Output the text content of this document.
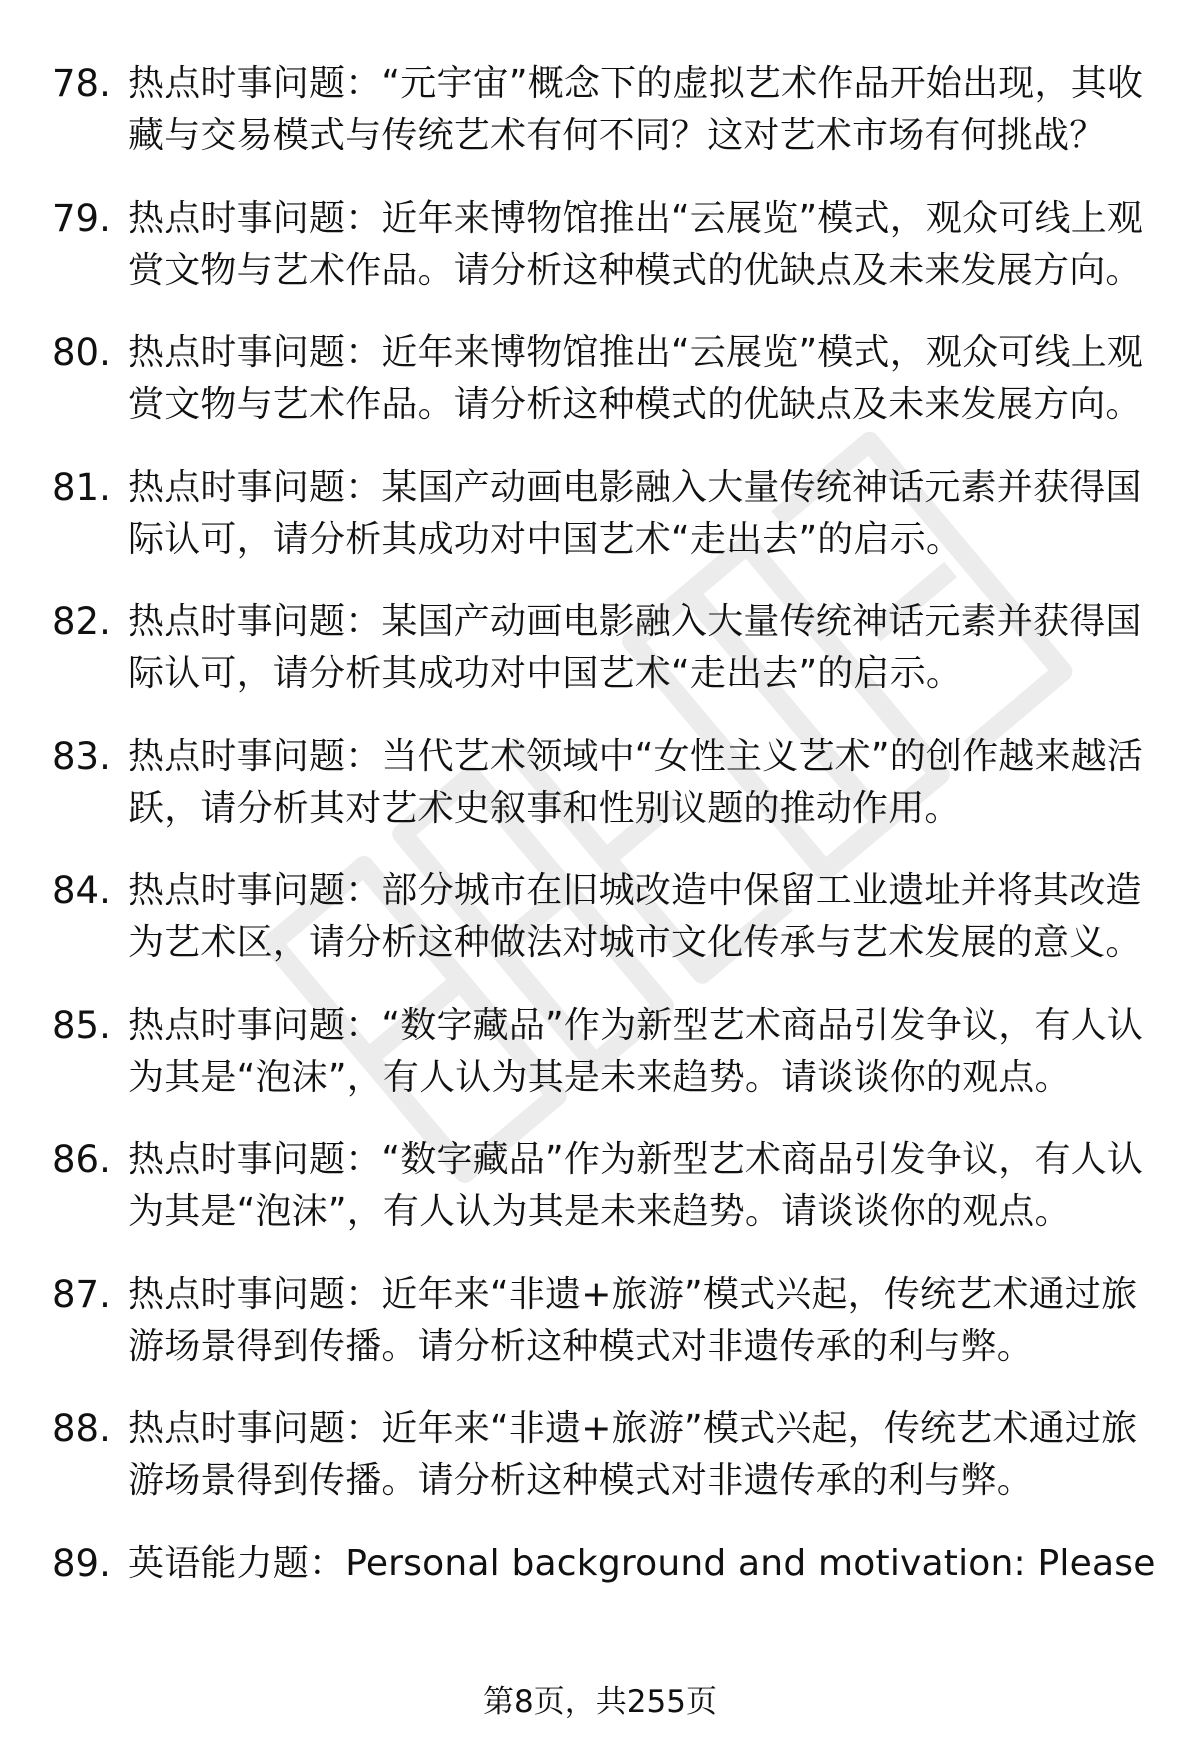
78. 热点时事问题：“元宇宙”概念下的虚拟艺术作品开始出现，其收藏与交易模式与传统艺术有何不同？这对艺术市场有何挑战？
79. 热点时事问题：近年来博物馆推出“云展览”模式，观众可线上观赏文物与艺术作品。请分析这种模式的优缺点及未来发展方向。
80. 热点时事问题：近年来博物馆推出“云展览”模式，观众可线上观赏文物与艺术作品。请分析这种模式的优缺点及未来发展方向。
81. 热点时事问题：某国产动画电影融入大量传统神话元素并获得国际认可，请分析其成功对中国艺术“走出去”的启示。
82. 热点时事问题：某国产动画电影融入大量传统神话元素并获得国际认可，请分析其成功对中国艺术“走出去”的启示。
83. 热点时事问题：当代艺术领域中“女性主义艺术”的创作越来越活跃，请分析其对艺术史叙事和性别议题的推动作用。
84. 热点时事问题：部分城市在旧城改造中保留工业遗址并将其改造为艺术区，请分析这种做法对城市文化传承与艺术发展的意义。
85. 热点时事问题：“数字藏品”作为新型艺术商品引发争议，有人认为其是“泡沫”，有人认为其是未来趋势。请谈谈你的观点。
86. 热点时事问题：“数字藏品”作为新型艺术商品引发争议，有人认为其是“泡沫”，有人认为其是未来趋势。请谈谈你的观点。
87. 热点时事问题：近年来“非遗+旅游”模式兴起，传统艺术通过旅游场景得到传播。请分析这种模式对非遗传承的利与弊。
88. 热点时事问题：近年来“非遗+旅游”模式兴起，传统艺术通过旅游场景得到传播。请分析这种模式对非遗传承的利与弊。
89. 英语能力题：Personal background and motivation: Please
第8页，共255页
